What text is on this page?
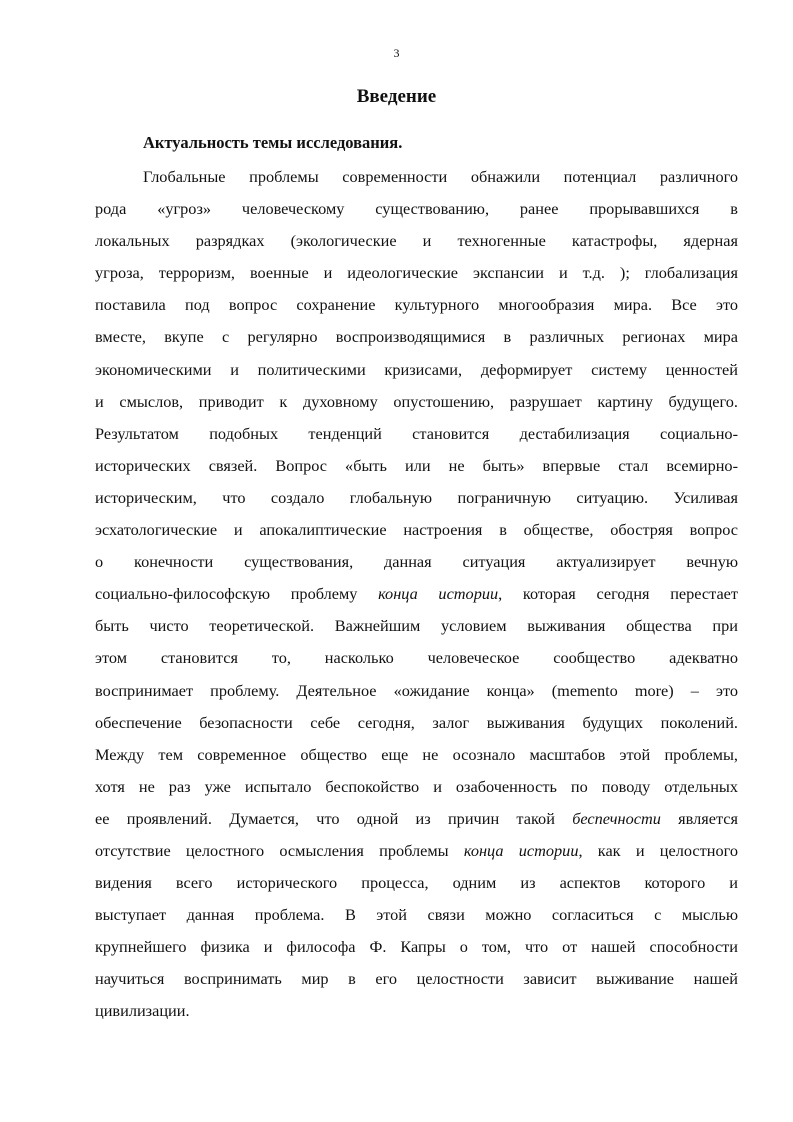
3
Введение
Актуальность темы исследования.
Глобальные проблемы современности обнажили потенциал различного
рода «угроз» человеческому существованию, ранее прорывавшихся в
локальных разрядках (экологические и техногенные катастрофы, ядерная
угроза, терроризм, военные и идеологические экспансии и т.д. ); глобализация
поставила под вопрос сохранение культурного многообразия мира. Все это
вместе, вкупе с регулярно воспроизводящимися в различных регионах мира
экономическими и политическими кризисами, деформирует систему ценностей
и смыслов, приводит к духовному опустошению, разрушает картину будущего.
Результатом подобных тенденций становится дестабилизация социально-
исторических связей. Вопрос «быть или не быть» впервые стал всемирно-
историческим, что создало глобальную пограничную ситуацию. Усиливая
эсхатологические и апокалиптические настроения в обществе, обостряя вопрос
о конечности существования, данная ситуация актуализирует вечную
социально-философскую проблему конца истории, которая сегодня перестает
быть чисто теоретической. Важнейшим условием выживания общества при
этом становится то, насколько человеческое сообщество адекватно
воспринимает проблему. Деятельное «ожидание конца» (memento more) – это
обеспечение безопасности себе сегодня, залог выживания будущих поколений.
Между тем современное общество еще не осознало масштабов этой проблемы,
хотя не раз уже испытало беспокойство и озабоченность по поводу отдельных
ее проявлений. Думается, что одной из причин такой беспечности является
отсутствие целостного осмысления проблемы конца истории, как и целостного
видения всего исторического процесса, одним из аспектов которого и
выступает данная проблема. В этой связи можно согласиться с мыслью
крупнейшего физика и философа Ф. Капры о том, что от нашей способности
научиться воспринимать мир в его целостности зависит выживание нашей
цивилизации.
